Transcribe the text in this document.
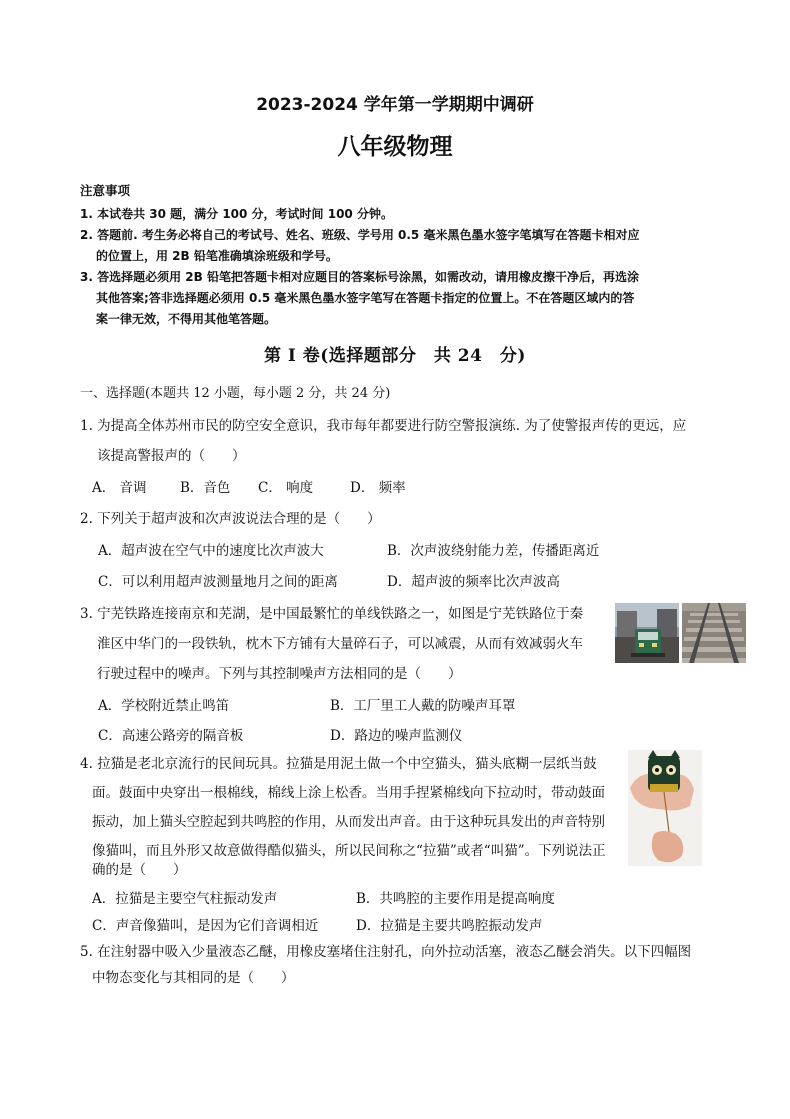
2023-2024 学年第一学期期中调研
八年级物理
注意事项
1. 本试卷共 30 题，满分 100 分，考试时间 100 分钟。
2. 答题前. 考生务必将自己的考试号、姓名、班级、学号用 0.5 毫米黑色墨水签字笔填写在答题卡相对应
的位置上，用 2B 铅笔准确填涂班级和学号。
3. 答选择题必须用 2B 铅笔把答题卡相对应题目的答案标号涂黑，如需改动，请用橡皮擦干净后，再选涂
其他答案;答非选择题必须用 0.5 毫米黑色墨水签字笔写在答题卡指定的位置上。不在答题区域内的答
案一律无效，不得用其他笔答题。
第 I 卷(选择题部分　共 24　分)
一、选择题(本题共 12 小题，每小题 2 分，共 24 分)
1. 为提高全体苏州市民的防空安全意识，我市每年都要进行防空警报演练. 为了使警报声传的更远，应
该提高警报声的（　　）
A． 音调 B．音色 C． 响度	D． 频率
2. 下列关于超声波和次声波说法合理的是（　　）
A．超声波在空气中的速度比次声波大	B．次声波绕射能力差，传播距离近
C．可以利用超声波测量地月之间的距离	D．超声波的频率比次声波高
3. 宁芜铁路连接南京和芜湖，是中国最繁忙的单线铁路之一，如图是宁芜铁路位于秦
淮区中华门的一段铁轨，枕木下方铺有大量碎石子，可以减震，从而有效减弱火车
行驶过程中的噪声。下列与其控制噪声方法相同的是（　　）
A．学校附近禁止鸣笛	B．工厂里工人戴的防噪声耳罩
C．高速公路旁的隔音板	D．路边的噪声监测仪
4. 拉猫是老北京流行的民间玩具。拉猫是用泥土做一个中空猫头，猫头底糊一层纸当鼓
面。鼓面中央穿出一根棉线，棉线上涂上松香。当用手捏紧棉线向下拉动时，带动鼓面
振动，加上猫头空腔起到共鸣腔的作用，从而发出声音。由于这种玩具发出的声音特别
像猫叫，而且外形又故意做得酷似猫头，所以民间称之“拉猫”或者“叫猫”。下列说法正
确的是（　　）
A．拉猫是主要空气柱振动发声	B．共鸣腔的主要作用是提高响度
C．声音像猫叫，是因为它们音调相近	D．拉猫是主要共鸣腔振动发声
5. 在注射器中吸入少量液态乙醚，用橡皮塞堵住注射孔，向外拉动活塞，液态乙醚会消失。以下四幅图
中物态变化与其相同的是（　　）
